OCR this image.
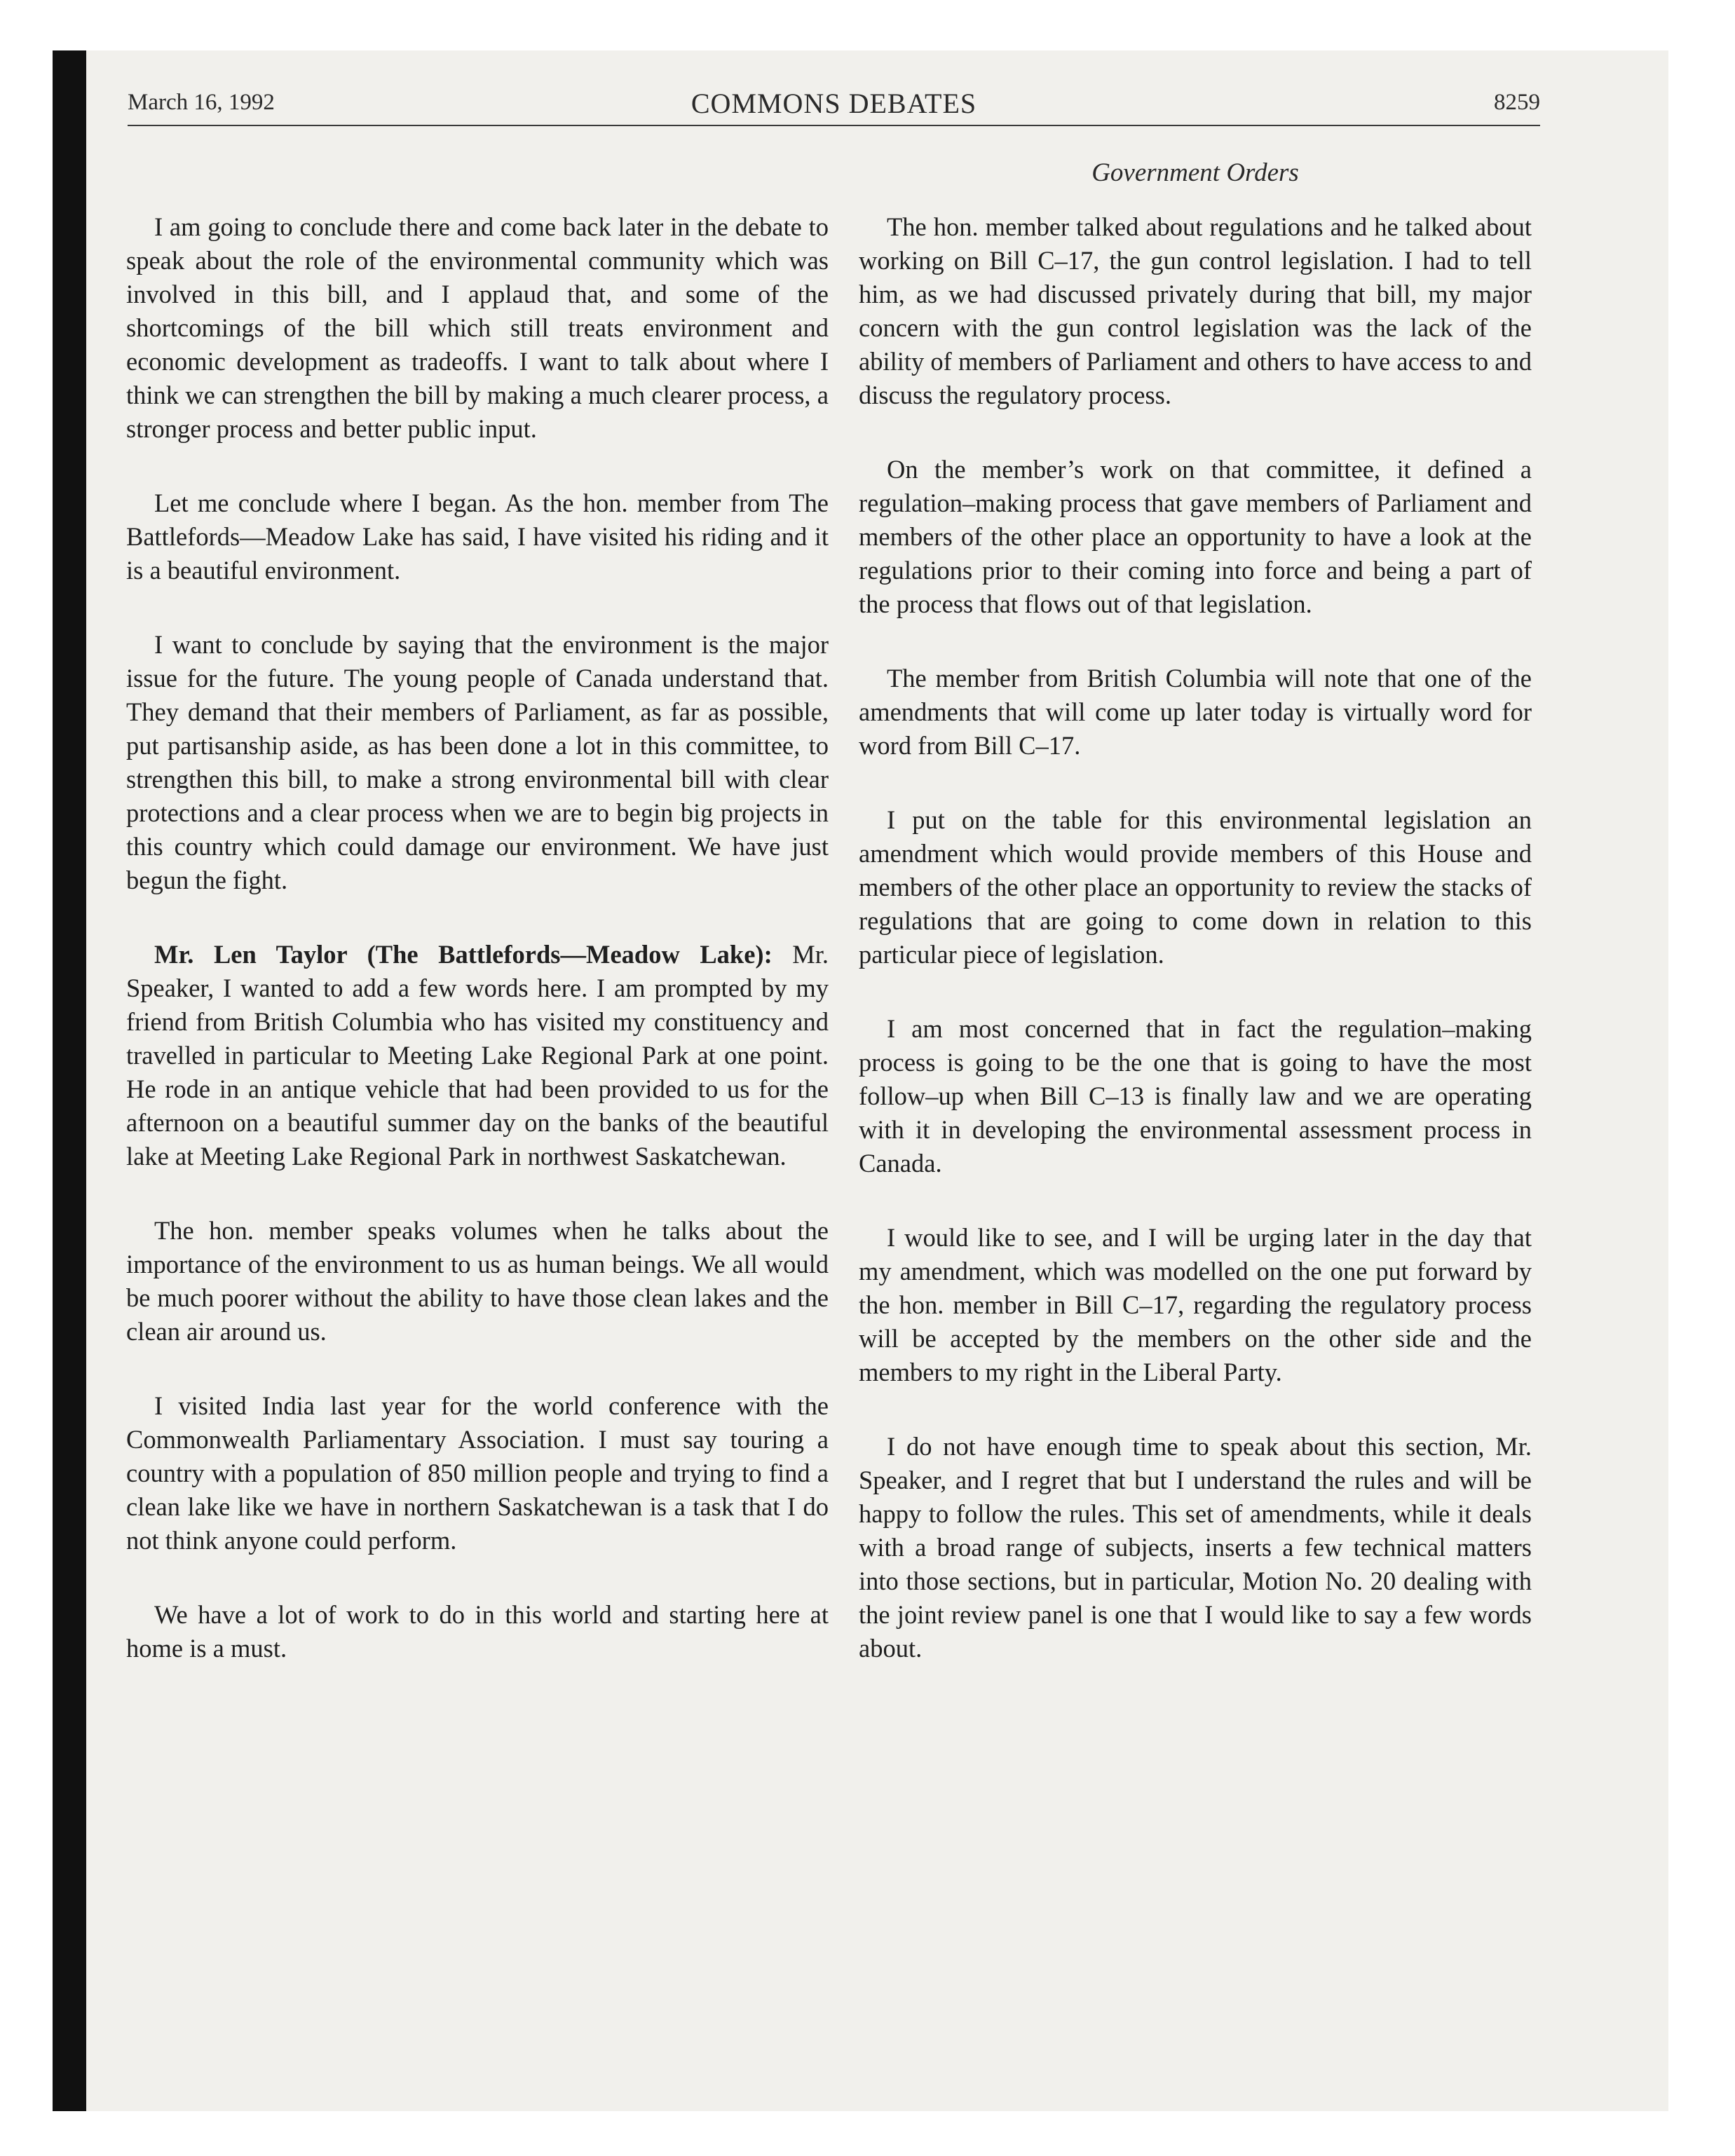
March 16, 1992	COMMONS DEBATES	8259
Government Orders

I am going to conclude there and come back later in the debate to speak about the role of the environmental community which was involved in this bill, and I applaud that, and some of the shortcomings of the bill which still treats environment and economic development as tradeoffs. I want to talk about where I think we can strengthen the bill by making a much clearer process, a stronger process and better public input.

Let me conclude where I began. As the hon. member from The Battlefords—Meadow Lake has said, I have visited his riding and it is a beautiful environment.

I want to conclude by saying that the environment is the major issue for the future. The young people of Canada understand that. They demand that their members of Parliament, as far as possible, put partisanship aside, as has been done a lot in this committee, to strengthen this bill, to make a strong environmental bill with clear protections and a clear process when we are to begin big projects in this country which could damage our environment. We have just begun the fight.

Mr. Len Taylor (The Battlefords—Meadow Lake): Mr. Speaker, I wanted to add a few words here. I am prompted by my friend from British Columbia who has visited my constituency and travelled in particular to Meeting Lake Regional Park at one point. He rode in an antique vehicle that had been provided to us for the afternoon on a beautiful summer day on the banks of the beautiful lake at Meeting Lake Regional Park in northwest Saskatchewan.

The hon. member speaks volumes when he talks about the importance of the environment to us as human beings. We all would be much poorer without the ability to have those clean lakes and the clean air around us.

I visited India last year for the world conference with the Commonwealth Parliamentary Association. I must say touring a country with a population of 850 million people and trying to find a clean lake like we have in northern Saskatchewan is a task that I do not think anyone could perform.

We have a lot of work to do in this world and starting here at home is a must.

The hon. member talked about regulations and he talked about working on Bill C–17, the gun control legislation. I had to tell him, as we had discussed privately during that bill, my major concern with the gun control legislation was the lack of the ability of members of Parliament and others to have access to and discuss the regulatory process.

On the member’s work on that committee, it defined a regulation–making process that gave members of Parliament and members of the other place an opportunity to have a look at the regulations prior to their coming into force and being a part of the process that flows out of that legislation.

The member from British Columbia will note that one of the amendments that will come up later today is virtually word for word from Bill C–17.

I put on the table for this environmental legislation an amendment which would provide members of this House and members of the other place an opportunity to review the stacks of regulations that are going to come down in relation to this particular piece of legislation.

I am most concerned that in fact the regulation–making process is going to be the one that is going to have the most follow–up when Bill C–13 is finally law and we are operating with it in developing the environmental assessment process in Canada.

I would like to see, and I will be urging later in the day that my amendment, which was modelled on the one put forward by the hon. member in Bill C–17, regarding the regulatory process will be accepted by the members on the other side and the members to my right in the Liberal Party.

I do not have enough time to speak about this section, Mr. Speaker, and I regret that but I understand the rules and will be happy to follow the rules. This set of amendments, while it deals with a broad range of subjects, inserts a few technical matters into those sections, but in particular, Motion No. 20 dealing with the joint review panel is one that I would like to say a few words about.
